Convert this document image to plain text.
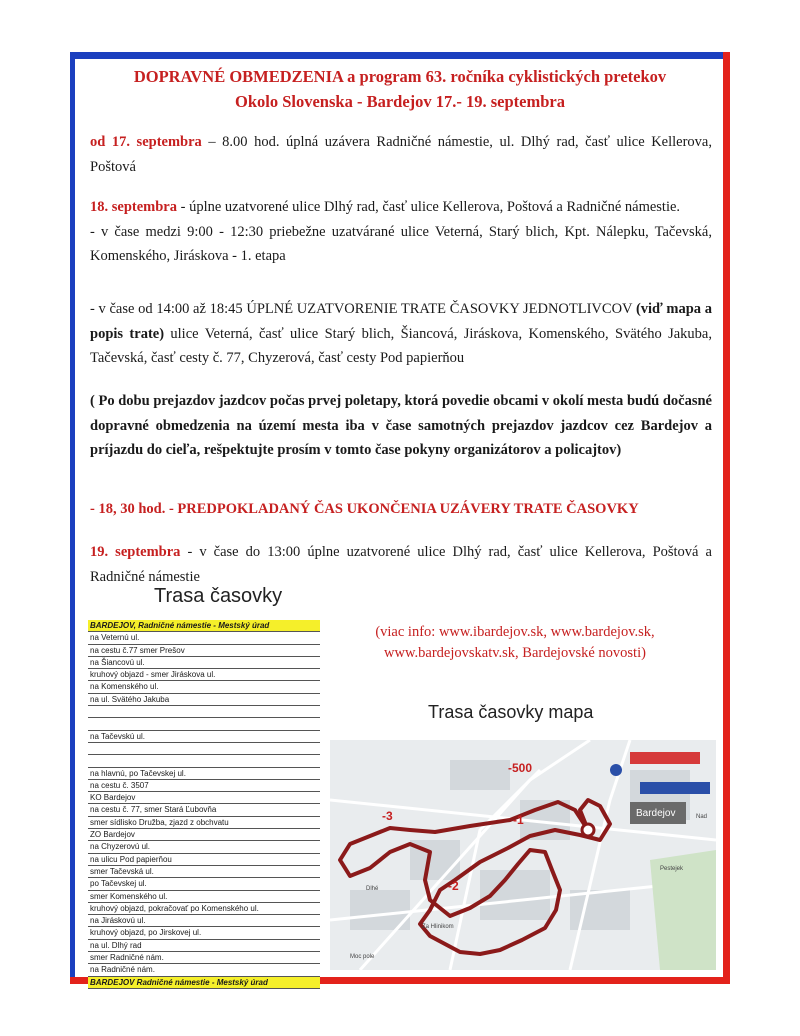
DOPRAVNÉ OBMEDZENIA a program 63. ročníka cyklistických pretekov
Okolo Slovenska - Bardejov 17.- 19. septembra
od 17. septembra – 8.00 hod. úplná uzávera Radničné námestie, ul. Dlhý rad, časť ulice Kellerova, Poštová
18. septembra - úplne uzatvorené ulice Dlhý rad, časť ulice Kellerova, Poštová a Radničné námestie.
- v čase medzi 9:00 - 12:30 priebežne uzatvárané ulice Veterná, Starý blich, Kpt. Nálepku, Tačevská, Komenského, Jiráskova - 1. etapa
- v čase od 14:00 až 18:45 ÚPLNÉ UZATVORENIE TRATE ČASOVKY JEDNOTLIVCOV (viď mapa a popis trate) ulice Veterná, časť ulice Starý blich, Šiancová, Jiráskova, Komenského, Svätého Jakuba, Tačevská, časť cesty č. 77, Chyzerová, časť cesty Pod papierňou
( Po dobu prejazdov jazdcov počas prvej poletapy, ktorá povedie obcami v okolí mesta budú dočasné dopravné obmedzenia na území mesta iba v čase samotných prejazdov jazdcov cez Bardejov a príjazdu do cieľa, rešpektujte prosím v tomto čase pokyny organizátorov a policajtov)
- 18, 30 hod. - PREDPOKLADANÝ ČAS UKONČENIA UZÁVERY TRATE ČASOVKY
19. septembra - v čase do 13:00 úplne uzatvorené ulice Dlhý rad, časť ulice Kellerova, Poštová a Radničné námestie
Trasa časovky
BARDEJOV, Radničné námestie - Mestský úrad
na Veternú ul.
na cestu č.77 smer Prešov
na Šiancovú ul.
kruhový objazd - smer Jiráskova ul.
na Komenského ul.
na ul. Svätého Jakuba
na Tačevskú ul.
na hlavnú, po Tačevskej ul.
na cestu č. 3507
KO Bardejov
na cestu č. 77, smer Stará Ľubovňa
smer sídlisko Družba, zjazd z obchvatu
ZO Bardejov
na Chyzerovú ul.
na ulicu Pod papierňou
smer Tačevská ul.
po Tačevskej ul.
smer Komenského ul.
kruhový objazd, pokračovať po Komenského ul.
na Jiráskovú ul.
kruhový objazd, po Jirskovej ul.
na ul. Dlhý rad
smer Radničné nám.
na Radničné nám.
BARDEJOV Radničné námestie - Mestský úrad
(viac info: www.ibardejov.sk, www.bardejov.sk, www.bardejovskatv.sk, Bardejovské novosti)
Trasa časovky mapa
-500
-1
-2
-3	Bardejov
Pestejek
Nad
Dlhé
Moc pole
Za Hlinikom
